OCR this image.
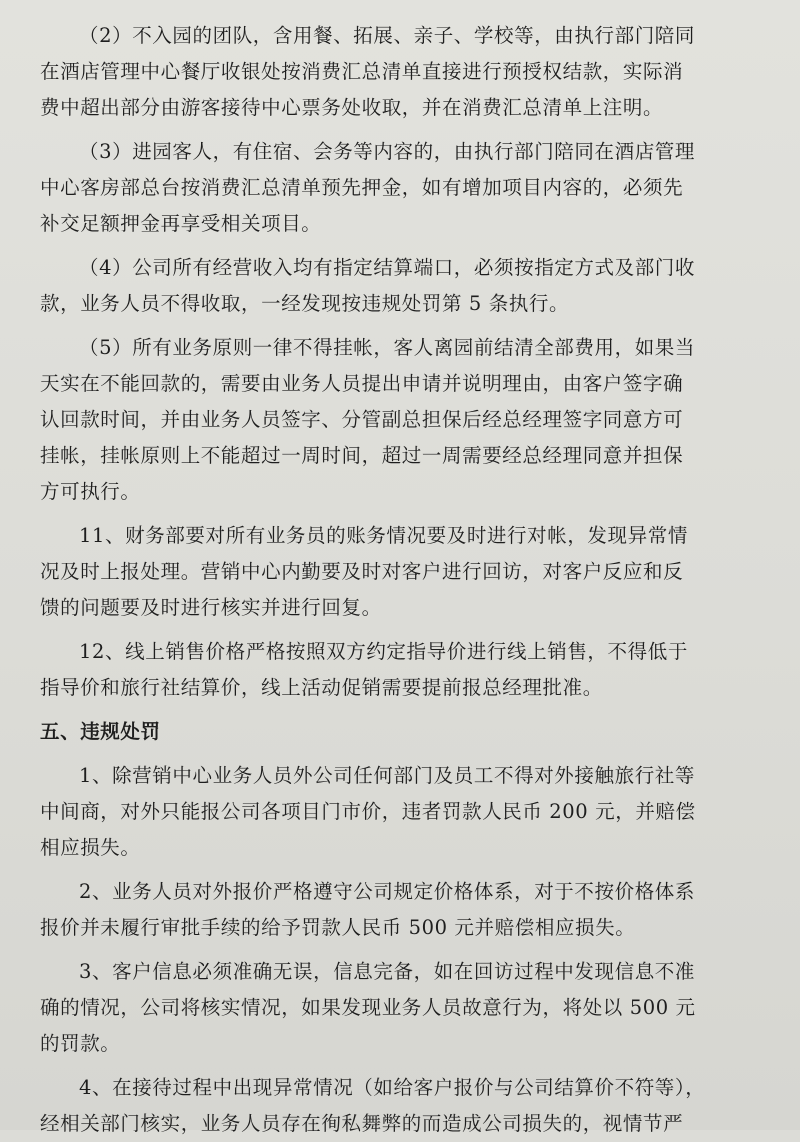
（2）不入园的团队，含用餐、拓展、亲子、学校等，由执行部门陪同
在酒店管理中心餐厅收银处按消费汇总清单直接进行预授权结款，实际消
费中超出部分由游客接待中心票务处收取，并在消费汇总清单上注明。

（3）进园客人，有住宿、会务等内容的，由执行部门陪同在酒店管理
中心客房部总台按消费汇总清单预先押金，如有增加项目内容的，必须先
补交足额押金再享受相关项目。

（4）公司所有经营收入均有指定结算端口，必须按指定方式及部门收
款，业务人员不得收取，一经发现按违规处罚第 5 条执行。

（5）所有业务原则一律不得挂帐，客人离园前结清全部费用，如果当
天实在不能回款的，需要由业务人员提出申请并说明理由，由客户签字确
认回款时间，并由业务人员签字、分管副总担保后经总经理签字同意方可
挂帐，挂帐原则上不能超过一周时间，超过一周需要经总经理同意并担保
方可执行。

11、财务部要对所有业务员的账务情况要及时进行对帐，发现异常情
况及时上报处理。营销中心内勤要及时对客户进行回访，对客户反应和反
馈的问题要及时进行核实并进行回复。

12、线上销售价格严格按照双方约定指导价进行线上销售，不得低于
指导价和旅行社结算价，线上活动促销需要提前报总经理批准。

五、违规处罚

1、除营销中心业务人员外公司任何部门及员工不得对外接触旅行社等
中间商，对外只能报公司各项目门市价，违者罚款人民币 200 元，并赔偿
相应损失。

2、业务人员对外报价严格遵守公司规定价格体系，对于不按价格体系
报价并未履行审批手续的给予罚款人民币 500 元并赔偿相应损失。

3、客户信息必须准确无误，信息完备，如在回访过程中发现信息不准
确的情况，公司将核实情况，如果发现业务人员故意行为，将处以 500 元
的罚款。

4、在接待过程中出现异常情况（如给客户报价与公司结算价不符等），
经相关部门核实，业务人员存在徇私舞弊的而造成公司损失的，视情节严
